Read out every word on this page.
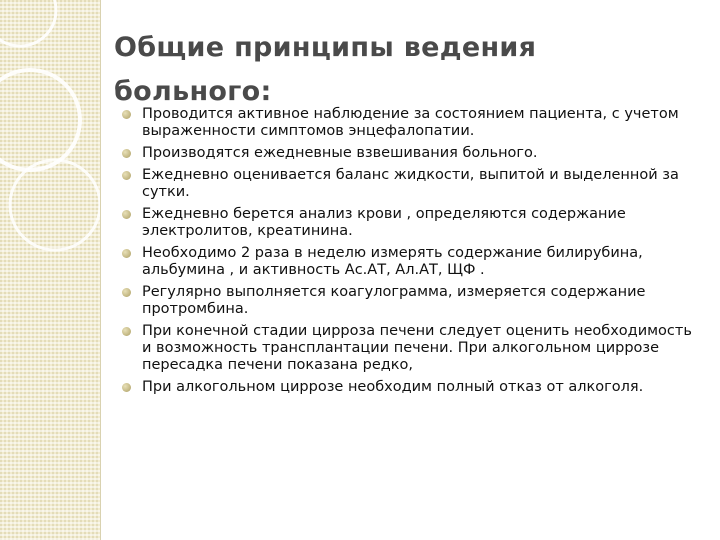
Общие принципы ведения больного:
Проводится активное наблюдение за состоянием пациента, с учетом выраженности симптомов энцефалопатии.
Производятся ежедневные взвешивания больного.
Ежедневно оценивается баланс жидкости, выпитой и выделенной за сутки.
Ежедневно берется анализ крови , определяются содержание электролитов, креатинина.
Необходимо 2 раза в неделю измерять содержание билирубина, альбумина , и активность Ас.АТ, Ал.АТ, ЩФ .
Регулярно выполняется коагулограмма, измеряется содержание протромбина.
При конечной стадии цирроза печени следует оценить необходимость и возможность трансплантации печени. При алкогольном циррозе пересадка печени показана редко,
При алкогольном циррозе необходим полный отказ от алкоголя.
